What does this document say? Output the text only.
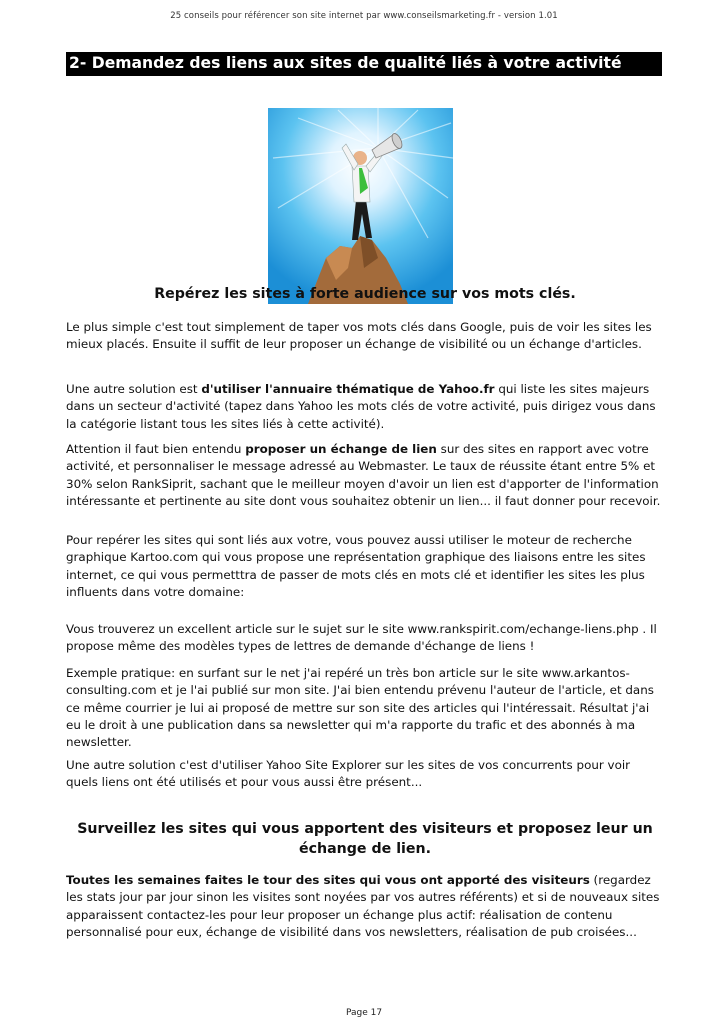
25 conseils pour référencer son site internet par www.conseilsmarketing.fr - version 1.01
2- Demandez des liens aux sites de qualité liés à votre activité
Repérez les sites à forte audience sur vos mots clés.

Le plus simple c'est tout simplement de taper vos mots clés dans Google, puis de voir les sites les mieux placés. Ensuite il suffit de leur proposer un échange de visibilité ou un échange d'articles.

Une autre solution est d'utiliser l'annuaire thématique de Yahoo.fr qui liste les sites majeurs dans un secteur d'activité (tapez dans Yahoo les mots clés de votre activité, puis dirigez vous dans la catégorie listant tous les sites liés à cette activité).

Attention il faut bien entendu proposer un échange de lien sur des sites en rapport avec votre activité, et personnaliser le message adressé au Webmaster. Le taux de réussite étant entre 5% et 30% selon RankSiprit, sachant que le meilleur moyen d'avoir un lien est d'apporter de l'information intéressante et pertinente au site dont vous souhaitez obtenir un lien... il faut donner pour recevoir.

Pour repérer les sites qui sont liés aux votre, vous pouvez aussi utiliser le moteur de recherche graphique Kartoo.com qui vous propose une représentation graphique des liaisons entre les sites internet, ce qui vous permetttra de passer de mots clés en mots clé et identifier les sites les plus influents dans votre domaine:

Vous trouverez un excellent article sur le sujet sur le site www.rankspirit.com/echange-liens.php . Il propose même des modèles types de lettres de demande d'échange de liens !

Exemple pratique: en surfant sur le net j'ai repéré un très bon article sur le site www.arkantos-consulting.com et je l'ai publié sur mon site. J'ai bien entendu prévenu l'auteur de l'article, et dans ce même courrier je lui ai proposé de mettre sur son site des articles qui l'intéressait. Résultat j'ai eu le droit à une publication dans sa newsletter qui m'a rapporte du trafic et des abonnés à ma newsletter.

Une autre solution c'est d'utiliser Yahoo Site Explorer sur les sites de vos concurrents pour voir quels liens ont été utilisés et pour vous aussi être présent...

Surveillez les sites qui vous apportent des visiteurs et proposez leur un échange de lien.

Toutes les semaines faites le tour des sites qui vous ont apporté des visiteurs (regardez les stats jour par jour sinon les visites sont noyées par vos autres référents) et si de nouveaux sites apparaissent contactez-les pour leur proposer un échange plus actif: réalisation de contenu personnalisé pour eux, échange de visibilité dans vos newsletters, réalisation de pub croisées...

Page 17
